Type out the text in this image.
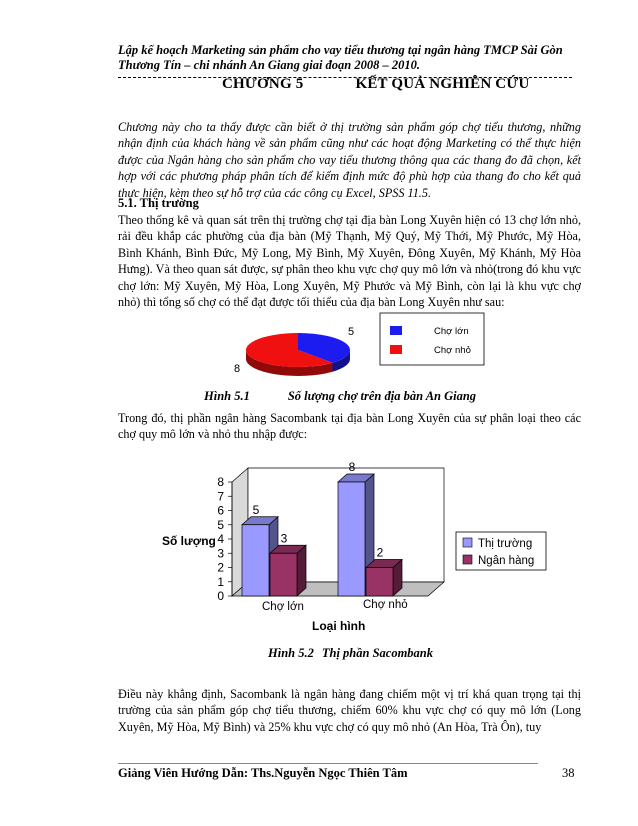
Lập kế hoạch Marketing sản phẩm cho vay tiểu thương tại ngân hàng TMCP Sài Gòn
Thương Tín – chi nhánh An Giang giai đoạn 2008 – 2010.
CHƯƠNG 5	KẾT QUẢ NGHIÊN CỨU
Chương này cho ta thấy được cần biết ở thị trường sản phẩm góp chợ tiểu thương, những nhận định của khách hàng về sản phẩm cũng như các hoạt động Marketing có thể thực hiện được của Ngân hàng cho sản phẩm cho vay tiểu thương thông qua các thang đo đã chọn, kết hợp với các phương pháp phân tích để kiểm định mức độ phù hợp của thang đo cho kết quả thực hiện, kèm theo sự hỗ trợ của các công cụ Excel, SPSS 11.5.
5.1. Thị trường
Theo thống kê và quan sát trên thị trường chợ tại địa bàn Long Xuyên hiện có 13 chợ lớn nhỏ, rải đều khắp các phường của địa bàn (Mỹ Thạnh, Mỹ Quý, Mỹ Thới, Mỹ Phước, Mỹ Hòa, Bình Khánh, Bình Đức, Mỹ Long, Mỹ Bình, Mỹ Xuyên, Đông Xuyên, Mỹ Khánh, Mỹ Hòa Hưng). Và theo quan sát được, sự phân theo khu vực chợ quy mô lớn và nhỏ(trong đó khu vực chợ lớn: Mỹ Xuyên, Mỹ Hòa, Long Xuyên, Mỹ Phước và Mỹ Bình, còn lại là khu vực chợ nhỏ) thì tổng số chợ có thể đạt được tối thiểu của địa bàn Long Xuyên như sau:
5
8
Chợ lớn
Chợ nhỏ
Hình 5.1	Số lượng chợ trên địa bàn An Giang
Trong đó, thị phần ngân hàng Sacombank tại địa bàn Long Xuyên của sự phân loại theo các chợ quy mô lớn và nhỏ thu nhập được:
0
1
2
3
4
5
6
7
8
5
3
8
2
Số lượng
Loại hình
Chợ lớn	Chợ nhỏ
Thị trường
Ngân hàng
Hình 5.2 Thị phần Sacombank
Điều này khẳng định, Sacombank là ngân hàng đang chiếm một vị trí khá quan trọng tại thị trường của sản phẩm góp chợ tiểu thương, chiếm 60% khu vực chợ có quy mô lớn (Long Xuyên, Mỹ Hòa, Mỹ Bình) và 25% khu vực chợ có quy mô nhỏ (An Hòa, Trà Ôn), tuy
Giảng Viên Hướng Dẫn: Ths.Nguyễn Ngọc Thiên Tâm	38
